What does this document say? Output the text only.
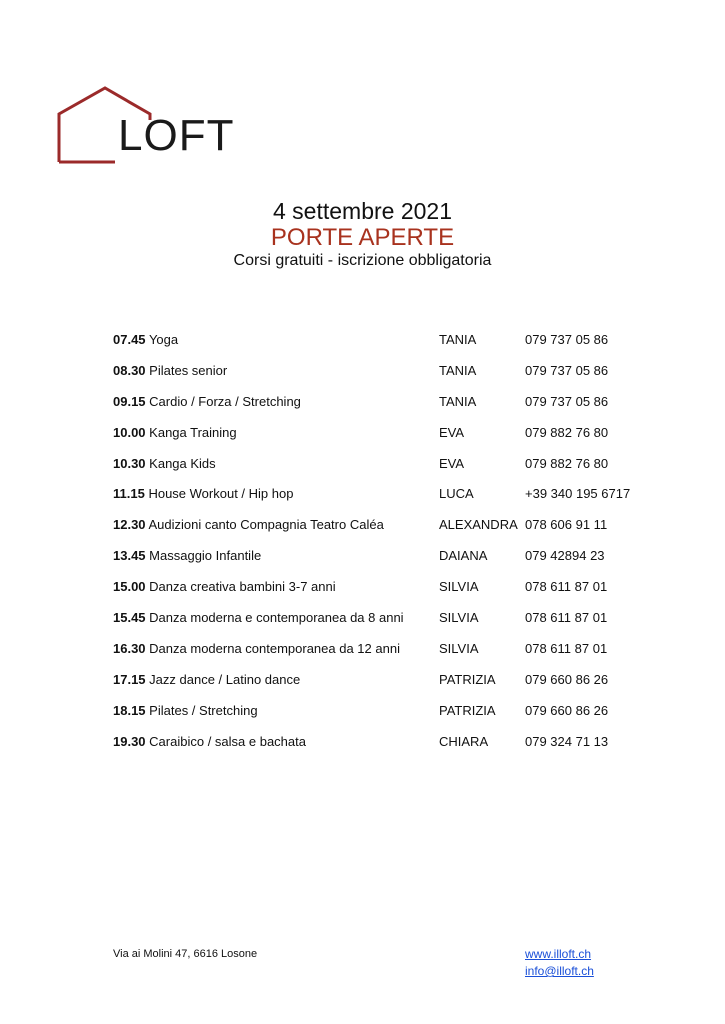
LOFT
4 settembre 2021
PORTE APERTE
Corsi gratuiti - iscrizione obbligatoria
07.45 Yoga	TANIA	079 737 05 86
08.30 Pilates senior	TANIA	079 737 05 86
09.15 Cardio / Forza / Stretching	TANIA	079 737 05 86
10.00 Kanga Training	EVA	079 882 76 80
10.30 Kanga Kids	EVA	079 882 76 80
11.15 House Workout / Hip hop	LUCA	+39 340 195 6717
12.30 Audizioni canto Compagnia Teatro Caléa	ALEXANDRA 078 606 91 11
13.45 Massaggio Infantile	DAIANA	079 42894 23
15.00 Danza creativa bambini 3-7 anni	SILVIA	078 611 87 01
15.45 Danza moderna e contemporanea da 8 anni	SILVIA	078 611 87 01
16.30 Danza moderna contemporanea da 12 anni	SILVIA	078 611 87 01
17.15 Jazz dance / Latino dance	PATRIZIA 079 660 86 26
18.15 Pilates / Stretching	PATRIZIA 079 660 86 26
19.30 Caraibico / salsa e bachata	CHIARA	079 324 71 13
Via ai Molini 47, 6616 Losone	www.illoft.ch
info@illoft.ch
